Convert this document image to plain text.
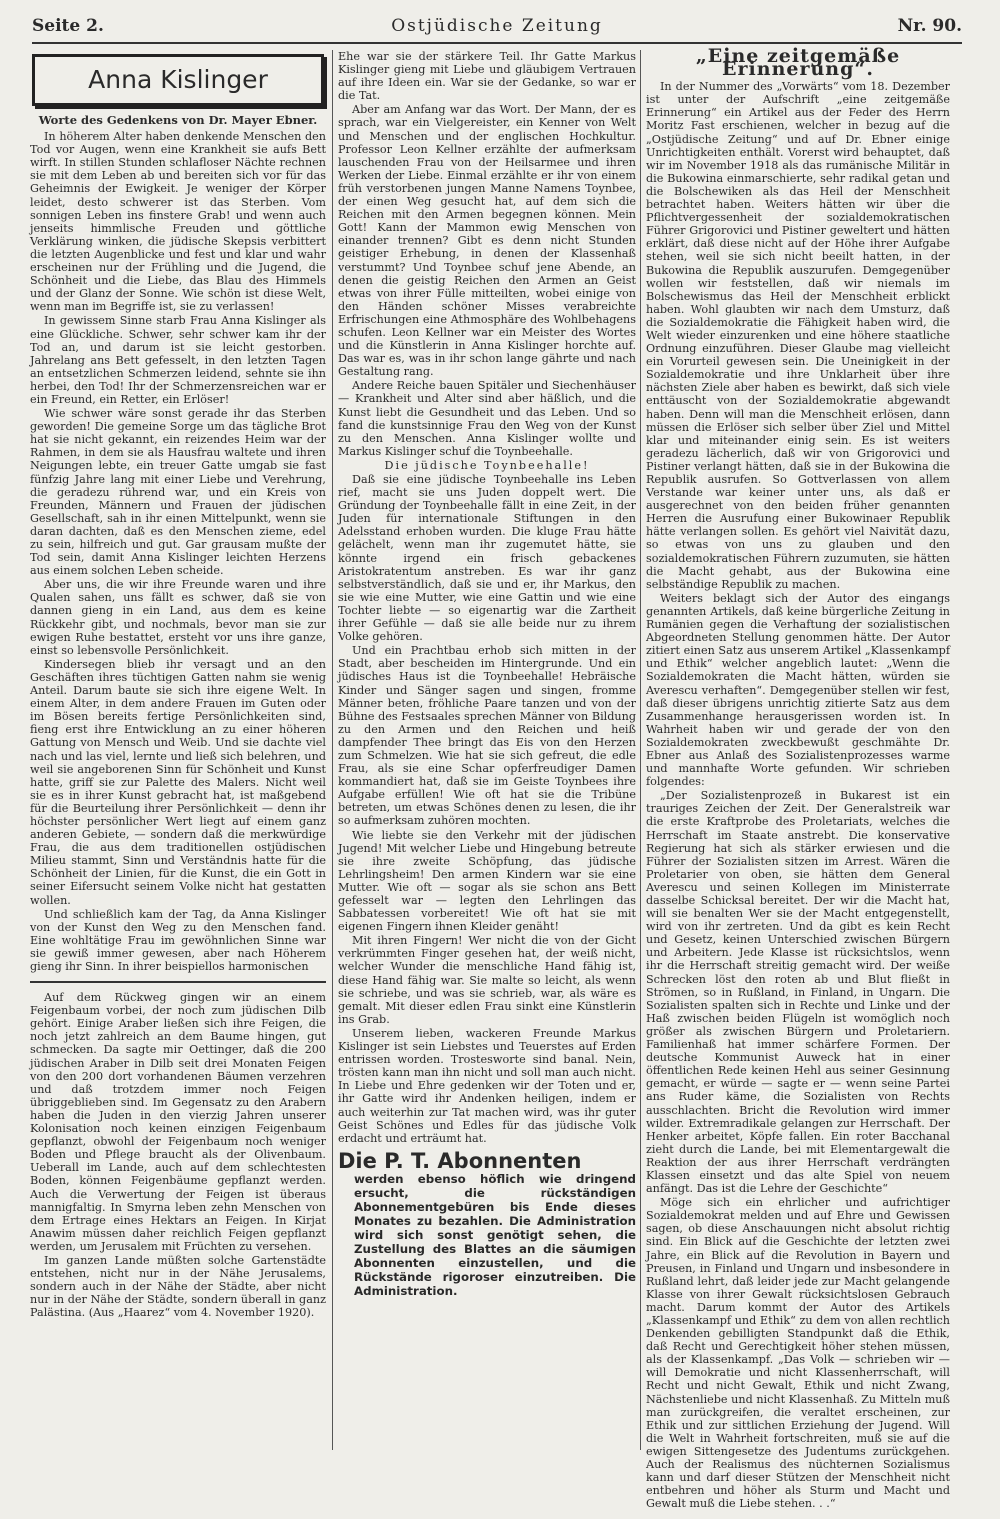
Ostjüdische Zeitung
Seite 2.	Nr. 90.
Anna Kislinger

Worte des Gedenkens von Dr. Mayer Ebner.

In höherem Alter haben denkende Menschen den Tod vor Augen, wenn eine Krankheit sie aufs Bett wirft. In stillen Stunden schlafloser Nächte rechnen sie mit dem Leben ab und bereiten sich vor für das Geheimnis der Ewigkeit. Je weniger der Körper leidet, desto schwerer ist das Sterben. Vom sonnigen Leben ins finstere Grab! und wenn auch jenseits himmlische Freuden und göttliche Verklärung winken, die jüdische Skepsis verbittert die letzten Augenblicke und fest und klar und wahr erscheinen nur der Frühling und die Jugend, die Schönheit und die Liebe, das Blau des Himmels und der Glanz der Sonne. Wie schön ist diese Welt, wenn man im Begriffe ist, sie zu verlassen!

In gewissem Sinne starb Frau Anna Kislinger als eine Glückliche. Schwer, sehr schwer kam ihr der Tod an, und darum ist sie leicht gestorben. Jahrelang ans Bett gefesselt, in den letzten Tagen an entsetzlichen Schmerzen leidend, sehnte sie ihn herbei, den Tod! Ihr der Schmerzensreichen war er ein Freund, ein Retter, ein Erlöser!

Wie schwer wäre sonst gerade ihr das Sterben geworden! Die gemeine Sorge um das tägliche Brot hat sie nicht gekannt, ein reizendes Heim war der Rahmen, in dem sie als Hausfrau waltete und ihren Neigungen lebte, ein treuer Gatte umgab sie fast fünfzig Jahre lang mit einer Liebe und Verehrung, die geradezu rührend war, und ein Kreis von Freunden, Männern und Frauen der jüdischen Gesellschaft, sah in ihr einen Mittelpunkt, wenn sie daran dachten, daß es den Menschen zieme, edel zu sein, hilfreich und gut. Gar grausam mußte der Tod sein, damit Anna Kislinger leichten Herzens aus einem solchen Leben scheide.

Aber uns, die wir ihre Freunde waren und ihre Qualen sahen, uns fällt es schwer, daß sie von dannen gieng in ein Land, aus dem es keine Rückkehr gibt, und nochmals, bevor man sie zur ewigen Ruhe bestattet, ersteht vor uns ihre ganze, einst so lebensvolle Persönlichkeit.

Kindersegen blieb ihr versagt und an den Geschäften ihres tüchtigen Gatten nahm sie wenig Anteil. Darum baute sie sich ihre eigene Welt. In einem Alter, in dem andere Frauen im Guten oder im Bösen bereits fertige Persönlichkeiten sind, fieng erst ihre Entwicklung an zu einer höheren Gattung von Mensch und Weib. Und sie dachte viel nach und las viel, lernte und ließ sich belehren, und weil sie angeborenen Sinn für Schönheit und Kunst hatte, griff sie zur Palette des Malers. Nicht weil sie es in ihrer Kunst gebracht hat, ist maßgebend für die Beurteilung ihrer Persönlichkeit — denn ihr höchster persönlicher Wert liegt auf einem ganz anderen Gebiete, — sondern daß die merkwürdige Frau, die aus dem traditionellen ostjüdischen Milieu stammt, Sinn und Verständnis hatte für die Schönheit der Linien, für die Kunst, die ein Gott in seiner Eifersucht seinem Volke nicht hat gestatten wollen.

Und schließlich kam der Tag, da Anna Kislinger von der Kunst den Weg zu den Menschen fand. Eine wohltätige Frau im gewöhnlichen Sinne war sie gewiß immer gewesen, aber nach Höherem gieng ihr Sinn. In ihrer beispiellos harmonischen

Auf dem Rückweg gingen wir an einem Feigenbaum vorbei, der noch zum jüdischen Dilb gehört. Einige Araber ließen sich ihre Feigen, die noch jetzt zahlreich an dem Baume hingen, gut schmecken. Da sagte mir Oettinger, daß die 200 jüdischen Araber in Dilb seit drei Monaten Feigen von den 200 dort vorhandenen Bäumen verzehren und daß trotzdem immer noch Feigen übriggeblieben sind. Im Gegensatz zu den Arabern haben die Juden in den vierzig Jahren unserer Kolonisation noch keinen einzigen Feigenbaum gepflanzt, obwohl der Feigenbaum noch weniger Boden und Pflege braucht als der Olivenbaum. Ueberall im Lande, auch auf dem schlechtesten Boden, können Feigenbäume gepflanzt werden. Auch die Verwertung der Feigen ist überaus mannigfaltig. In Smyrna leben zehn Menschen von dem Ertrage eines Hektars an Feigen. In Kirjat Anawim müssen daher reichlich Feigen gepflanzt werden, um Jerusalem mit Früchten zu versehen.

Im ganzen Lande müßten solche Gartenstädte entstehen, nicht nur in der Nähe Jerusalems, sondern auch in der Nähe der Städte, aber nicht nur in der Nähe der Städte, sondern überall in ganz Palästina. (Aus „Haarez“ vom 4. November 1920).

Ehe war sie der stärkere Teil. Ihr Gatte Markus Kislinger gieng mit Liebe und gläubigem Vertrauen auf ihre Ideen ein. War sie der Gedanke, so war er die Tat.

Aber am Anfang war das Wort. Der Mann, der es sprach, war ein Vielgereister, ein Kenner von Welt und Menschen und der englischen Hochkultur. Professor Leon Kellner erzählte der aufmerksam lauschenden Frau von der Heilsarmee und ihren Werken der Liebe. Einmal erzählte er ihr von einem früh verstorbenen jungen Manne Namens Toynbee, der einen Weg gesucht hat, auf dem sich die Reichen mit den Armen begegnen können. Mein Gott! Kann der Mammon ewig Menschen von einander trennen? Gibt es denn nicht Stunden geistiger Erhebung, in denen der Klassenhaß verstummt? Und Toynbee schuf jene Abende, an denen die geistig Reichen den Armen an Geist etwas von ihrer Fülle mitteilten, wobei einige von den Händen schöner Misses verabreichte Erfrischungen eine Athmosphäre des Wohlbehagens schufen. Leon Kellner war ein Meister des Wortes und die Künstlerin in Anna Kislinger horchte auf. Das war es, was in ihr schon lange gährte und nach Gestaltung rang.

Andere Reiche bauen Spitäler und Siechenhäuser — Krankheit und Alter sind aber häßlich, und die Kunst liebt die Gesundheit und das Leben. Und so fand die kunstsinnige Frau den Weg von der Kunst zu den Menschen. Anna Kislinger wollte und Markus Kislinger schuf die Toynbeehalle.

Die jüdische Toynbeehalle!

Daß sie eine jüdische Toynbeehalle ins Leben rief, macht sie uns Juden doppelt wert. Die Gründung der Toynbeehalle fällt in eine Zeit, in der Juden für internationale Stiftungen in den Adelsstand erhoben wurden. Die kluge Frau hätte gelächelt, wenn man ihr zugemutet hätte, sie könnte irgend ein frisch gebackenes Aristokratentum anstreben. Es war ihr ganz selbstverständlich, daß sie und er, ihr Markus, den sie wie eine Mutter, wie eine Gattin und wie eine Tochter liebte — so eigenartig war die Zartheit ihrer Gefühle — daß sie alle beide nur zu ihrem Volke gehören.

Und ein Prachtbau erhob sich mitten in der Stadt, aber bescheiden im Hintergrunde. Und ein jüdisches Haus ist die Toynbeehalle! Hebräische Kinder und Sänger sagen und singen, fromme Männer beten, fröhliche Paare tanzen und von der Bühne des Festsaales sprechen Männer von Bildung zu den Armen und den Reichen und heiß dampfender Thee bringt das Eis von den Herzen zum Schmelzen. Wie hat sie sich gefreut, die edle Frau, als sie eine Schar opferfreudiger Damen kommandiert hat, daß sie im Geiste Toynbees ihre Aufgabe erfüllen! Wie oft hat sie die Tribüne betreten, um etwas Schönes denen zu lesen, die ihr so aufmerksam zuhören mochten.

Wie liebte sie den Verkehr mit der jüdischen Jugend! Mit welcher Liebe und Hingebung betreute sie ihre zweite Schöpfung, das jüdische Lehrlingsheim! Den armen Kindern war sie eine Mutter. Wie oft — sogar als sie schon ans Bett gefesselt war — legten den Lehrlingen das Sabbatessen vorbereitet! Wie oft hat sie mit eigenen Fingern ihnen Kleider genäht!

Mit ihren Fingern! Wer nicht die von der Gicht verkrümmten Finger gesehen hat, der weiß nicht, welcher Wunder die menschliche Hand fähig ist, diese Hand fähig war. Sie malte so leicht, als wenn sie schriebe, und was sie schrieb, war, als wäre es gemalt. Mit dieser edlen Frau sinkt eine Künstlerin ins Grab.

Unserem lieben, wackeren Freunde Markus Kislinger ist sein Liebstes und Teuerstes auf Erden entrissen worden. Trostesworte sind banal. Nein, trösten kann man ihn nicht und soll man auch nicht. In Liebe und Ehre gedenken wir der Toten und er, ihr Gatte wird ihr Andenken heiligen, indem er auch weiterhin zur Tat machen wird, was ihr guter Geist Schönes und Edles für das jüdische Volk erdacht und erträumt hat.

Die P. T. Abonnenten

werden ebenso höflich wie dringend ersucht, die rückständigen Abonnementgebüren bis Ende dieses Monates zu bezahlen. Die Administration wird sich sonst genötigt sehen, die Zustellung des Blattes an die säumigen Abonnenten einzustellen, und die Rückstände rigoroser einzutreiben. Die Administration.

„Eine zeitgemäße Erinnerung“.

In der Nummer des „Vorwärts“ vom 18. Dezember ist unter der Aufschrift „eine zeitgemäße Erinnerung“ ein Artikel aus der Feder des Herrn Moritz Fast erschienen, welcher in bezug auf die „Ostjüdische Zeitung“ und auf Dr. Ebner einige Unrichtigkeiten enthält. Vorerst wird behauptet, daß wir im November 1918 als das rumänische Militär in die Bukowina einmarschierte, sehr radikal getan und die Bolschewiken als das Heil der Menschheit betrachtet haben. Weiters hätten wir über die Pflichtvergessenheit der sozialdemokratischen Führer Grigorovici und Pistiner geweltert und hätten erklärt, daß diese nicht auf der Höhe ihrer Aufgabe stehen, weil sie sich nicht beeilt hatten, in der Bukowina die Republik auszurufen. Demgegenüber wollen wir feststellen, daß wir niemals im Bolschewismus das Heil der Menschheit erblickt haben. Wohl glaubten wir nach dem Umsturz, daß die Sozialdemokratie die Fähigkeit haben wird, die Welt wieder einzurenken und eine höhere staatliche Ordnung einzuführen. Dieser Glaube mag vielleicht ein Vorurteil gewesen sein. Die Uneinigkeit in der Sozialdemokratie und ihre Unklarheit über ihre nächsten Ziele aber haben es bewirkt, daß sich viele enttäuscht von der Sozialdemokratie abgewandt haben. Denn will man die Menschheit erlösen, dann müssen die Erlöser sich selber über Ziel und Mittel klar und miteinander einig sein. Es ist weiters geradezu lächerlich, daß wir von Grigorovici und Pistiner verlangt hätten, daß sie in der Bukowina die Republik ausrufen. So Gottverlassen von allem Verstande war keiner unter uns, als daß er ausgerechnet von den beiden früher genannten Herren die Ausrufung einer Bukowinaer Republik hätte verlangen sollen. Es gehört viel Naivität dazu, so etwas von uns zu glauben und den sozialdemokratischen Führern zuzumuten, sie hätten die Macht gehabt, aus der Bukowina eine selbständige Republik zu machen.

Weiters beklagt sich der Autor des eingangs genannten Artikels, daß keine bürgerliche Zeitung in Rumänien gegen die Verhaftung der sozialistischen Abgeordneten Stellung genommen hätte. Der Autor zitiert einen Satz aus unserem Artikel „Klassenkampf und Ethik“ welcher angeblich lautet: „Wenn die Sozialdemokraten die Macht hätten, würden sie Averescu verhaften“. Demgegenüber stellen wir fest, daß dieser übrigens unrichtig zitierte Satz aus dem Zusammenhange herausgerissen worden ist. In Wahrheit haben wir und gerade der von den Sozialdemokraten zweckbewußt geschmähte Dr. Ebner aus Anlaß des Sozialistenprozesses warme und mannhafte Worte gefunden. Wir schrieben folgendes:

„Der Sozialistenprozeß in Bukarest ist ein trauriges Zeichen der Zeit. Der Generalstreik war die erste Kraftprobe des Proletariats, welches die Herrschaft im Staate anstrebt. Die konservative Regierung hat sich als stärker erwiesen und die Führer der Sozialisten sitzen im Arrest. Wären die Proletarier von oben, sie hätten dem General Averescu und seinen Kollegen im Ministerrate dasselbe Schicksal bereitet. Der wir die Macht hat, will sie benalten Wer sie der Macht entgegenstellt, wird von ihr zertreten. Und da gibt es kein Recht und Gesetz, keinen Unterschied zwischen Bürgern und Arbeitern. Jede Klasse ist rücksichtslos, wenn ihr die Herrschaft streitig gemacht wird. Der weiße Schrecken löst den roten ab und Blut fließt in Strömen, so in Rußland, in Finland, in Ungarn. Die Sozialisten spalten sich in Rechte und Linke und der Haß zwischen beiden Flügeln ist womöglich noch größer als zwischen Bürgern und Proletariern. Familienhaß hat immer schärfere Formen. Der deutsche Kommunist Auweck hat in einer öffentlichen Rede keinen Hehl aus seiner Gesinnung gemacht, er würde — sagte er — wenn seine Partei ans Ruder käme, die Sozialisten von Rechts ausschlachten. Bricht die Revolution wird immer wilder. Extremradikale gelangen zur Herrschaft. Der Henker arbeitet, Köpfe fallen. Ein roter Bacchanal zieht durch die Lande, bei mit Elementargewalt die Reaktion der aus ihrer Herrschaft verdrängten Klassen einsetzt und das alte Spiel von neuem anfängt. Das ist die Lehre der Geschichte“

Möge sich ein ehrlicher und aufrichtiger Sozialdemokrat melden und auf Ehre und Gewissen sagen, ob diese Anschauungen nicht absolut richtig sind. Ein Blick auf die Geschichte der letzten zwei Jahre, ein Blick auf die Revolution in Bayern und Preusen, in Finland und Ungarn und insbesondere in Rußland lehrt, daß leider jede zur Macht gelangende Klasse von ihrer Gewalt rücksichtslosen Gebrauch macht. Darum kommt der Autor des Artikels „Klassenkampf und Ethik“ zu dem von allen rechtlich Denkenden gebilligten Standpunkt daß die Ethik, daß Recht und Gerechtigkeit höher stehen müssen, als der Klassenkampf. „Das Volk — schrieben wir — will Demokratie und nicht Klassenherrschaft, will Recht und nicht Gewalt, Ethik und nicht Zwang, Nächstenliebe und nicht Klassenhaß. Zu Mitteln muß man zurückgreifen, die veraltet erscheinen, zur Ethik und zur sittlichen Erziehung der Jugend. Will die Welt in Wahrheit fortschreiten, muß sie auf die ewigen Sittengesetze des Judentums zurückgehen. Auch der Realismus des nüchternen Sozialismus kann und darf dieser Stützen der Menschheit nicht entbehren und höher als Sturm und Macht und Gewalt muß die Liebe stehen. . .“
